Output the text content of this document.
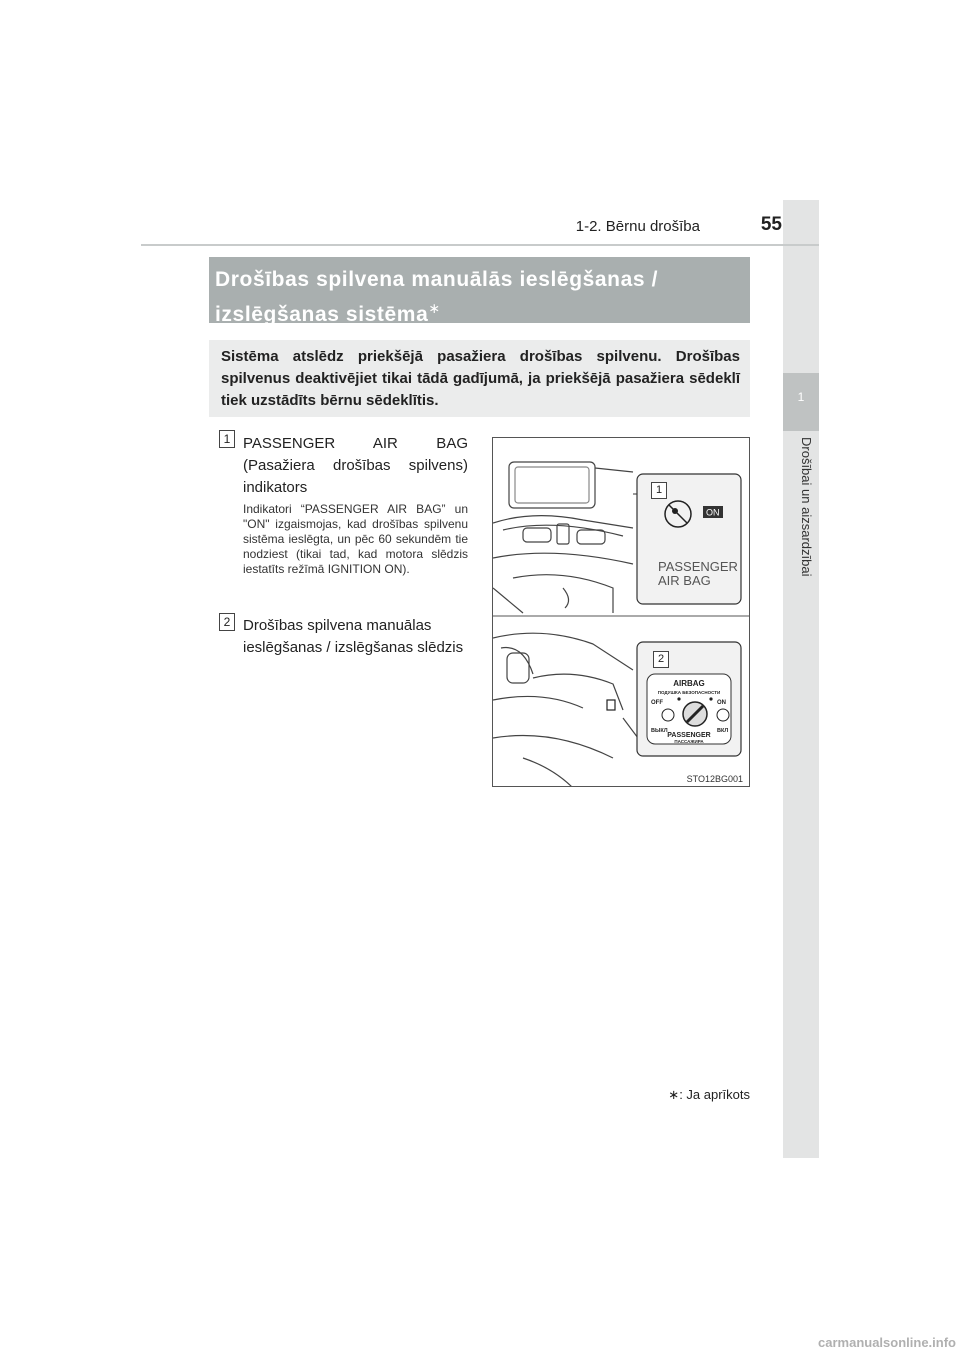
1
Drošībai un aizsardzībai
1-2. Bērnu drošība	55
Drošības spilvena manuālās ieslēgšanas / izslēgšanas sistēma∗
Sistēma atslēdz priekšējā pasažiera drošības spilvenu. Drošības spilvenus deaktivējiet tikai tādā gadījumā, ja priekšējā pasažiera sēdeklī tiek uzstādīts bērnu sēdeklītis.
1 PASSENGER AIR BAG (Pasažiera drošības spilvens) indikators
Indikatori “PASSENGER AIR BAG” un "ON" izgaismojas, kad drošības spilvenu sistēma ieslēgta, un pēc 60 sekundēm tie nodziest (tikai tad, kad motora slēdzis iestatīts režīmā IGNITION ON).
2 Drošības spilvena manuālas ieslēgšanas / izslēgšanas slēdzis
PASSENGER
AIR BAG
ON
AIRBAG
ПОДУШКА БЕЗОПАСНОСТИ
OFF	ON
ВЫКЛ	ВКЛ
PASSENGER
ПАССАЖИРА
1
2
STO12BG001
∗: Ja aprīkots
carmanualsonline.info
